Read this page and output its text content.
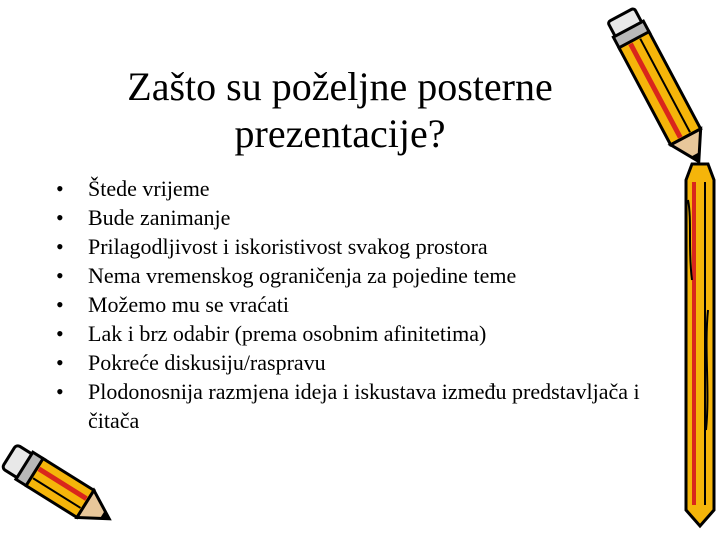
Zašto su poželjne posterne
prezentacije?
•	Štede vrijeme
•	Bude zanimanje
•	Prilagodljivost i iskoristivost svakog prostora
•	Nema vremenskog ograničenja za pojedine teme
•	Možemo mu se vraćati
•	Lak i brz odabir (prema osobnim afinitetima)
•	Pokreće diskusiju/raspravu
•	Plodonosnija razmjena ideja i iskustava između predstavljača i čitača
